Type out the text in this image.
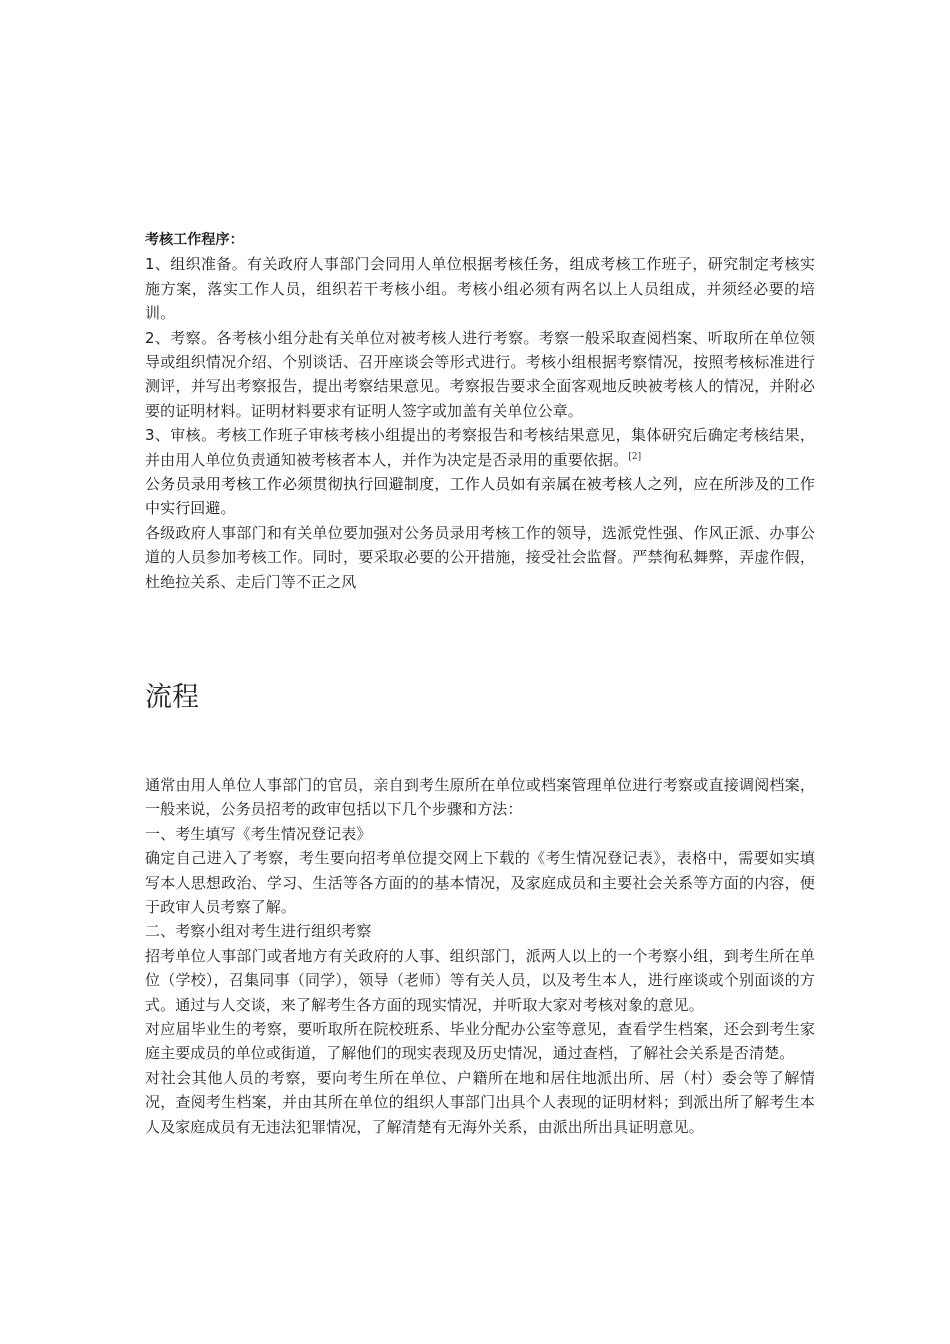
考核工作程序：

1、组织准备。有关政府人事部门会同用人单位根据考核任务，组成考核工作班子，研究制定考核实施方案，落实工作人员，组织若干考核小组。考核小组必须有两名以上人员组成，并须经必要的培训。

2、考察。各考核小组分赴有关单位对被考核人进行考察。考察一般采取查阅档案、听取所在单位领导或组织情况介绍、个别谈话、召开座谈会等形式进行。考核小组根据考察情况，按照考核标准进行测评，并写出考察报告，提出考察结果意见。考察报告要求全面客观地反映被考核人的情况，并附必要的证明材料。证明材料要求有证明人签字或加盖有关单位公章。

3、审核。考核工作班子审核考核小组提出的考察报告和考核结果意见，集体研究后确定考核结果，并由用人单位负责通知被考核者本人，并作为决定是否录用的重要依据。[2]

公务员录用考核工作必须贯彻执行回避制度，工作人员如有亲属在被考核人之列，应在所涉及的工作中实行回避。

各级政府人事部门和有关单位要加强对公务员录用考核工作的领导，选派党性强、作风正派、办事公道的人员参加考核工作。同时，要采取必要的公开措施，接受社会监督。严禁徇私舞弊，弄虚作假，杜绝拉关系、走后门等不正之风

流程

通常由用人单位人事部门的官员，亲自到考生原所在单位或档案管理单位进行考察或直接调阅档案，一般来说，公务员招考的政审包括以下几个步骤和方法：

一、考生填写《考生情况登记表》

确定自己进入了考察，考生要向招考单位提交网上下载的《考生情况登记表》，表格中，需要如实填写本人思想政治、学习、生活等各方面的的基本情况，及家庭成员和主要社会关系等方面的内容，便于政审人员考察了解。

二、考察小组对考生进行组织考察

招考单位人事部门或者地方有关政府的人事、组织部门，派两人以上的一个考察小组，到考生所在单位（学校），召集同事（同学），领导（老师）等有关人员，以及考生本人，进行座谈或个别面谈的方式。通过与人交谈，来了解考生各方面的现实情况，并听取大家对考核对象的意见。

对应届毕业生的考察，要听取所在院校班系、毕业分配办公室等意见，查看学生档案，还会到考生家庭主要成员的单位或街道，了解他们的现实表现及历史情况，通过查档，了解社会关系是否清楚。

对社会其他人员的考察，要向考生所在单位、户籍所在地和居住地派出所、居（村）委会等了解情况，查阅考生档案，并由其所在单位的组织人事部门出具个人表现的证明材料；到派出所了解考生本人及家庭成员有无违法犯罪情况，了解清楚有无海外关系，由派出所出具证明意见。
